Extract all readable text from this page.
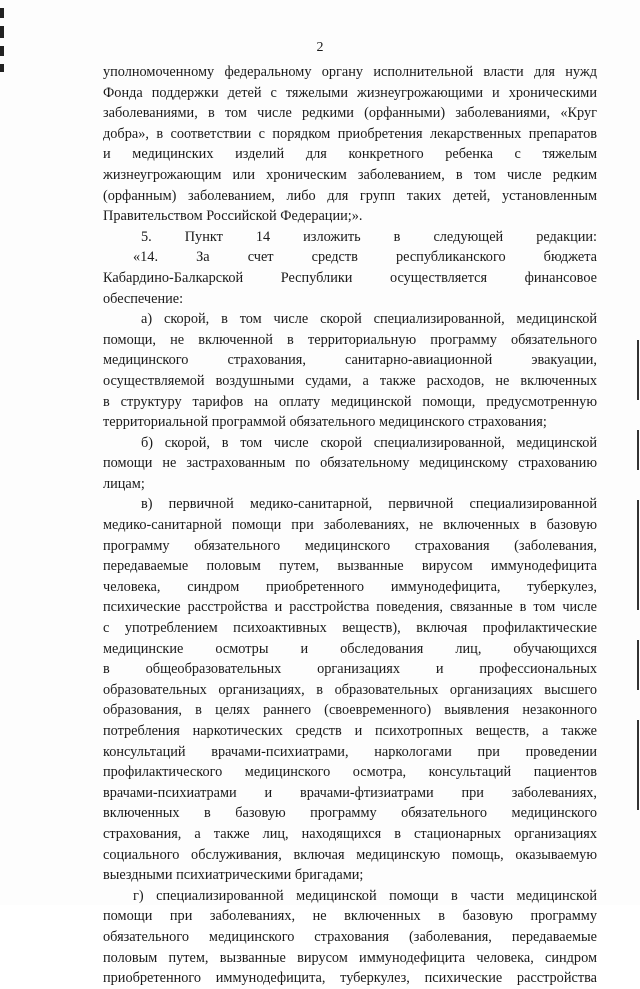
2
уполномоченному федеральному органу исполнительной власти для нужд
Фонда поддержки детей с тяжелыми жизнеугрожающими и хроническими
заболеваниями, в том числе редкими (орфанными) заболеваниями, «Круг
добра», в соответствии с порядком приобретения лекарственных препаратов
и медицинских изделий для конкретного ребенка с тяжелым
жизнеугрожающим или хроническим заболеванием, в том числе редким
(орфанным) заболеванием, либо для групп таких детей, установленным
Правительством Российской Федерации;».
5. Пункт 14 изложить в следующей редакции:
«14. За счет средств республиканского бюджета
Кабардино-Балкарской Республики осуществляется финансовое
обеспечение:
а) скорой, в том числе скорой специализированной, медицинской
помощи, не включенной в территориальную программу обязательного
медицинского страхования, санитарно-авиационной эвакуации,
осуществляемой воздушными судами, а также расходов, не включенных
в структуру тарифов на оплату медицинской помощи, предусмотренную
территориальной программой обязательного медицинского страхования;
б) скорой, в том числе скорой специализированной, медицинской
помощи не застрахованным по обязательному медицинскому страхованию
лицам;
в) первичной медико-санитарной, первичной специализированной
медико-санитарной помощи при заболеваниях, не включенных в базовую
программу обязательного медицинского страхования (заболевания,
передаваемые половым путем, вызванные вирусом иммунодефицита
человека, синдром приобретенного иммунодефицита, туберкулез,
психические расстройства и расстройства поведения, связанные в том числе
с употреблением психоактивных веществ), включая профилактические
медицинские осмотры и обследования лиц, обучающихся
в общеобразовательных организациях и профессиональных
образовательных организациях, в образовательных организациях высшего
образования, в целях раннего (своевременного) выявления незаконного
потребления наркотических средств и психотропных веществ, а также
консультаций врачами-психиатрами, наркологами при проведении
профилактического медицинского осмотра, консультаций пациентов
врачами-психиатрами и врачами-фтизиатрами при заболеваниях,
включенных в базовую программу обязательного медицинского
страхования, а также лиц, находящихся в стационарных организациях
социального обслуживания, включая медицинскую помощь, оказываемую
выездными психиатрическими бригадами;
г) специализированной медицинской помощи в части медицинской
помощи при заболеваниях, не включенных в базовую программу
обязательного медицинского страхования (заболевания, передаваемые
половым путем, вызванные вирусом иммунодефицита человека, синдром
приобретенного иммунодефицита, туберкулез, психические расстройства
